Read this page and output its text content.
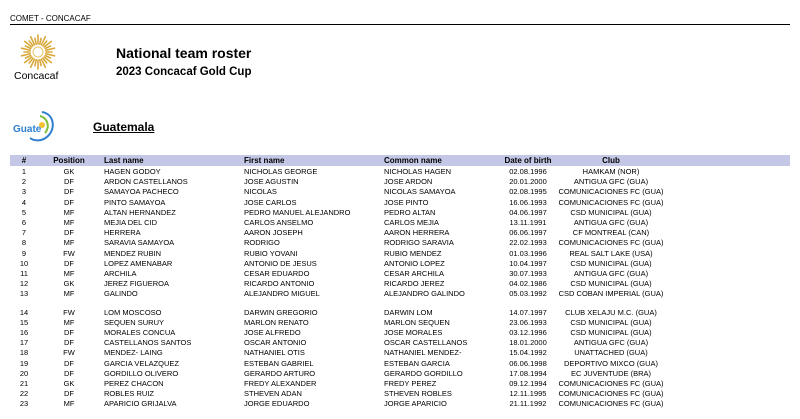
COMET - CONCACAF
Concacaf
National team roster
2023 Concacaf Gold Cup
Guate	Guatemala
#	Position	Last name	First name	Common name	Date of birth	Club
1	GK	HAGEN GODOY	NICHOLAS GEORGE	NICHOLAS HAGEN	02.08.1996	HAMKAM (NOR)
2	DF	ARDON CASTELLANOS	JOSE AGUSTIN	JOSE ARDON	20.01.2000	ANTIGUA GFC (GUA)
3	DF	SAMAYOA PACHECO	NICOLAS	NICOLAS SAMAYOA	02.08.1995	COMUNICACIONES FC (GUA)
4	DF	PINTO SAMAYOA	JOSE CARLOS	JOSE PINTO	16.06.1993	COMUNICACIONES FC (GUA)
5	MF	ALTAN HERNANDEZ	PEDRO MANUEL ALEJANDRO	PEDRO ALTAN	04.06.1997	CSD MUNICIPAL (GUA)
6	MF	MEJIA DEL CID	CARLOS ANSELMO	CARLOS MEJIA	13.11.1991	ANTIGUA GFC (GUA)
7	DF	HERRERA	AARON JOSEPH	AARON HERRERA	06.06.1997	CF MONTREAL (CAN)
8	MF	SARAVIA SAMAYOA	RODRIGO	RODRIGO SARAVIA	22.02.1993	COMUNICACIONES FC (GUA)
9	FW	MENDEZ RUBIN	RUBIO YOVANI	RUBIO MENDEZ	01.03.1996	REAL SALT LAKE (USA)
10	DF	LOPEZ AMENABAR	ANTONIO DE JESUS	ANTONIO LOPEZ	10.04.1997	CSD MUNICIPAL (GUA)
11	MF	ARCHILA	CESAR EDUARDO	CESAR ARCHILA	30.07.1993	ANTIGUA GFC (GUA)
12	GK	JEREZ FIGUEROA	RICARDO ANTONIO	RICARDO JEREZ	04.02.1986	CSD MUNICIPAL (GUA)
13	MF	GALINDO	ALEJANDRO MIGUEL	ALEJANDRO GALINDO	05.03.1992	CSD COBAN IMPERIAL (GUA)
14	FW	LOM MOSCOSO	DARWIN GREGORIO	DARWIN LOM	14.07.1997	CLUB XELAJU M.C. (GUA)
15	MF	SEQUEN SURUY	MARLON RENATO	MARLON SEQUEN	23.06.1993	CSD MUNICIPAL (GUA)
16	DF	MORALES CONCUA	JOSE ALFREDO	JOSE MORALES	03.12.1996	CSD MUNICIPAL (GUA)
17	DF	CASTELLANOS SANTOS	OSCAR ANTONIO	OSCAR CASTELLANOS	18.01.2000	ANTIGUA GFC (GUA)
18	FW	MENDEZ- LAING	NATHANIEL OTIS	NATHANIEL MENDEZ-	15.04.1992	UNATTACHED (GUA)
19	DF	GARCIA VELAZQUEZ	ESTEBAN GABRIEL	ESTEBAN GARCIA	06.06.1998	DEPORTIVO MIXCO (GUA)
20	DF	GORDILLO OLIVERO	GERARDO ARTURO	GERARDO GORDILLO	17.08.1994	EC JUVENTUDE (BRA)
21	GK	PEREZ CHACON	FREDY ALEXANDER	FREDY PEREZ	09.12.1994	COMUNICACIONES FC (GUA)
22	DF	ROBLES RUIZ	STHEVEN ADAN	STHEVEN ROBLES	12.11.1995	COMUNICACIONES FC (GUA)
23	MF	APARICIO GRIJALVA	JORGE EDUARDO	JORGE APARICIO	21.11.1992	COMUNICACIONES FC (GUA)
